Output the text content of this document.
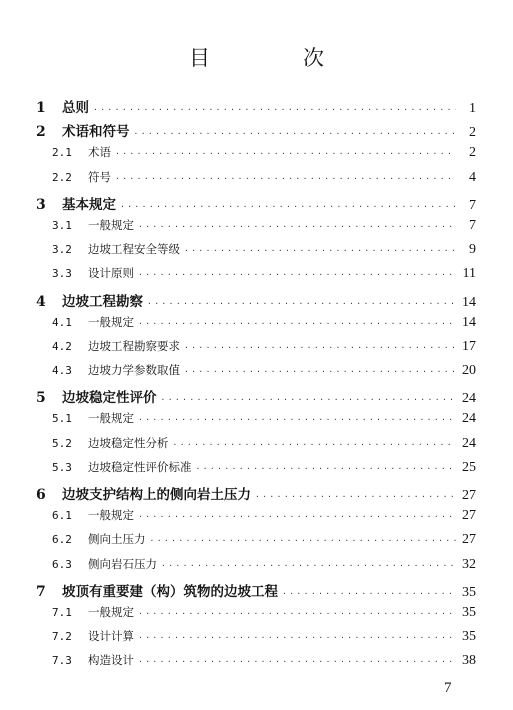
目　次
1	总则 ·····	1
2	术语和符号 ·····	2
2.1	术语 ·····	2
2.2	符号 ·····	4
3	基本规定 ·····	7
3.1	一般规定 ·····	7
3.2	边坡工程安全等级 ·····	9
3.3	设计原则 ·····	11
4	边坡工程勘察 ·····	14
4.1	一般规定 ·····	14
4.2	边坡工程勘察要求 ·····	17
4.3	边坡力学参数取值 ·····	20
5	边坡稳定性评价 ·····	24
5.1	一般规定 ·····	24
5.2	边坡稳定性分析 ·····	24
5.3	边坡稳定性评价标准 ·····	25
6	边坡支护结构上的侧向岩土压力 ·····	27
6.1	一般规定 ·····	27
6.2	侧向土压力 ·····	27
6.3	侧向岩石压力 ·····	32
7	坡顶有重要建（构）筑物的边坡工程 ·····	35
7.1	一般规定 ·····	35
7.2	设计计算 ·····	35
7.3	构造设计 ·····	38
7
